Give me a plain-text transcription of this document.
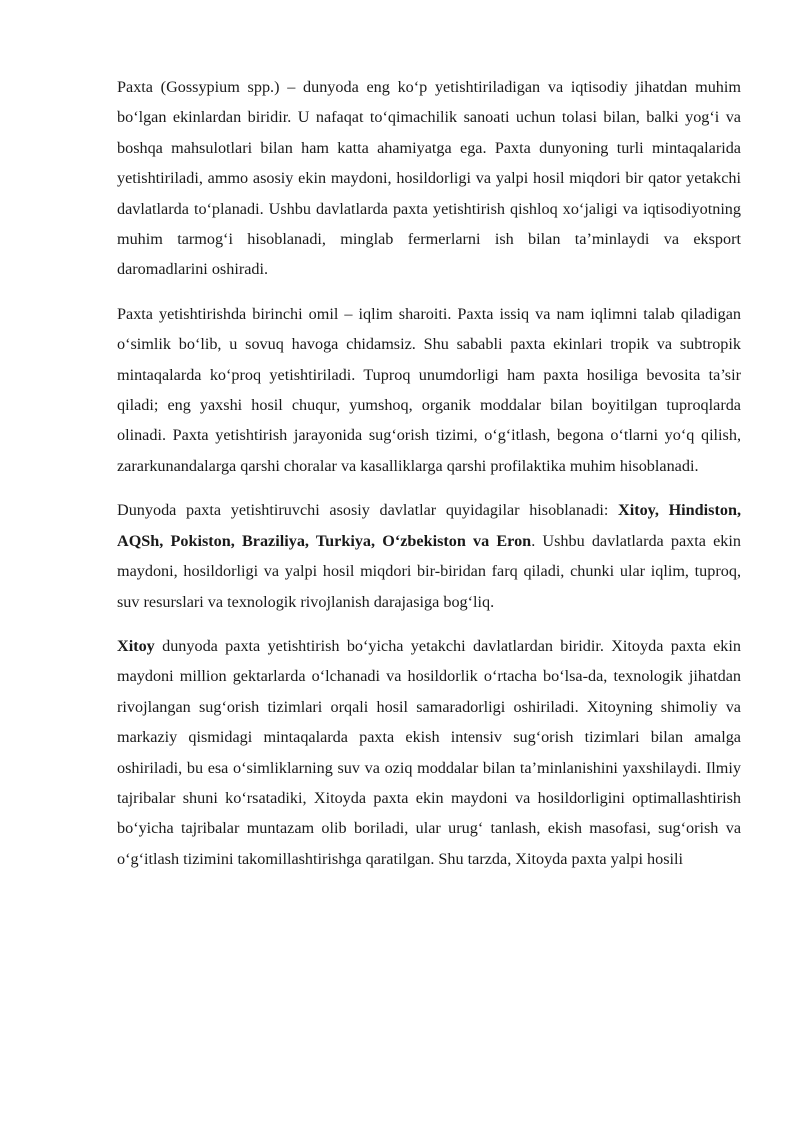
Paxta (Gossypium spp.) – dunyoda eng ko‘p yetishtiriladigan va iqtisodiy jihatdan muhim bo‘lgan ekinlardan biridir. U nafaqat to‘qimachilik sanoati uchun tolasi bilan, balki yog‘i va boshqa mahsulotlari bilan ham katta ahamiyatga ega. Paxta dunyoning turli mintaqalarida yetishtiriladi, ammo asosiy ekin maydoni, hosildorligi va yalpi hosil miqdori bir qator yetakchi davlatlarda to‘planadi. Ushbu davlatlarda paxta yetishtirish qishloq xo‘jaligi va iqtisodiyotning muhim tarmog‘i hisoblanadi, minglab fermerlarni ish bilan ta’minlaydi va eksport daromadlarini oshiradi.

Paxta yetishtirishda birinchi omil – iqlim sharoiti. Paxta issiq va nam iqlimni talab qiladigan o‘simlik bo‘lib, u sovuq havoga chidamsiz. Shu sababli paxta ekinlari tropik va subtropik mintaqalarda ko‘proq yetishtiriladi. Tuproq unumdorligi ham paxta hosiliga bevosita ta’sir qiladi; eng yaxshi hosil chuqur, yumshoq, organik moddalar bilan boyitilgan tuproqlarda olinadi. Paxta yetishtirish jarayonida sug‘orish tizimi, o‘g‘itlash, begona o‘tlarni yo‘q qilish, zararkunandalarga qarshi choralar va kasalliklarga qarshi profilaktika muhim hisoblanadi.

Dunyoda paxta yetishtiruvchi asosiy davlatlar quyidagilar hisoblanadi: Xitoy, Hindiston, AQSh, Pokiston, Braziliya, Turkiya, O‘zbekiston va Eron. Ushbu davlatlarda paxta ekin maydoni, hosildorligi va yalpi hosil miqdori bir-biridan farq qiladi, chunki ular iqlim, tuproq, suv resurslari va texnologik rivojlanish darajasiga bog‘liq.

Xitoy dunyoda paxta yetishtirish bo‘yicha yetakchi davlatlardan biridir. Xitoyda paxta ekin maydoni million gektarlarda o‘lchanadi va hosildorlik o‘rtacha bo‘lsa-da, texnologik jihatdan rivojlangan sug‘orish tizimlari orqali hosil samaradorligi oshiriladi. Xitoyning shimoliy va markaziy qismidagi mintaqalarda paxta ekish intensiv sug‘orish tizimlari bilan amalga oshiriladi, bu esa o‘simliklarning suv va oziq moddalar bilan ta’minlanishini yaxshilaydi. Ilmiy tajribalar shuni ko‘rsatadiki, Xitoyda paxta ekin maydoni va hosildorligini optimallashtirish bo‘yicha tajribalar muntazam olib boriladi, ular urug‘ tanlash, ekish masofasi, sug‘orish va o‘g‘itlash tizimini takomillashtirishga qaratilgan. Shu tarzda, Xitoyda paxta yalpi hosili
